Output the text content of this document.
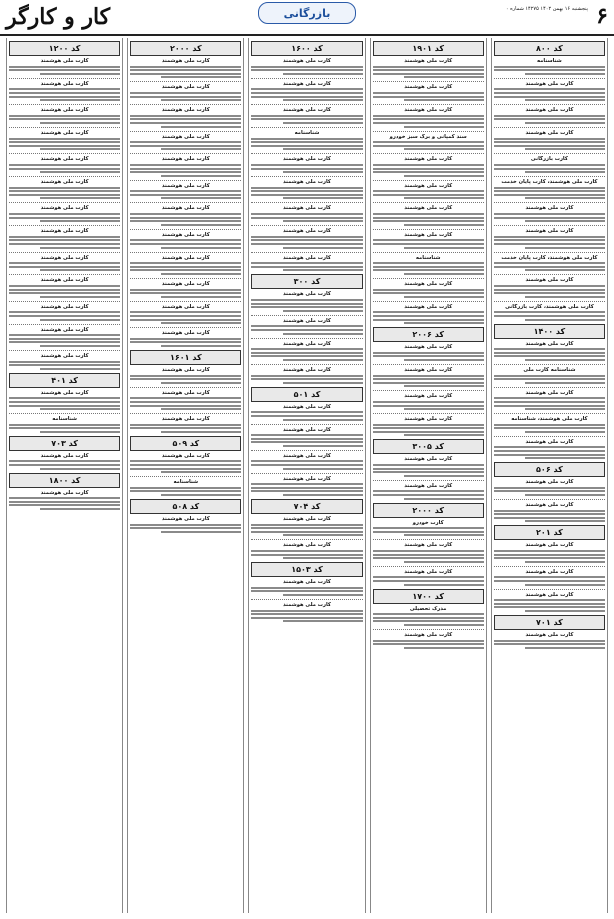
کار و کارگر	بازرگانی	پنجشنبه ۱۶ بهمن ۱۴۰۲ ۱۴۲۷۵ شماره ۰ ۶
کد ۸۰۰
شناسنامه
کارت ملی هوشمند
کارت ملی هوشمند
کارت ملی هوشمند
کارت بازرگانی
کارت ملی هوشمند، کارت پایان خدمت
کارت ملی هوشمند
کارت ملی هوشمند
کارت ملی هوشمند، کارت پایان خدمت
کارت ملی هوشمند
کارت ملی هوشمند، کارت بازرگانی
کد ۱۴۰۰
کارت ملی هوشمند
شناسنامه کارت ملی
کارت ملی هوشمند
کارت ملی هوشمند، شناسنامه
کارت ملی هوشمند
کد ۵۰۶
کارت ملی هوشمند
کارت ملی هوشمند
کد ۲۰۱
کارت ملی هوشمند
کارت ملی هوشمند
کارت ملی هوشمند
کد ۷۰۱
کارت ملی هوشمند
کد ۱۹۰۱
کارت ملی هوشمند
کارت ملی هوشمند
کارت ملی هوشمند
سند کمپانی و برگ سبز خودرو
کارت ملی هوشمند
کارت ملی هوشمند
کارت ملی هوشمند
کارت ملی هوشمند
شناسنامه
کارت ملی هوشمند
کارت ملی هوشمند
کد ۲۰۰۶
کارت ملی هوشمند
کارت ملی هوشمند
کارت ملی هوشمند
کارت ملی هوشمند
کد ۳۰۰۵
کارت ملی هوشمند
کارت ملی هوشمند
کد ۲۰۰۰
کارت خودرو
کارت ملی هوشمند
کارت ملی هوشمند
کد ۱۷۰۰
مدرک تحصیلی
کارت ملی هوشمند
کد ۱۶۰۰
کارت ملی هوشمند
کارت ملی هوشمند
کارت ملی هوشمند
شناسنامه
کارت ملی هوشمند
کارت ملی هوشمند
کارت ملی هوشمند
کارت ملی هوشمند
کارت ملی هوشمند
کد ۳۰۰
کارت ملی هوشمند
کارت ملی هوشمند
کارت ملی هوشمند
کارت ملی هوشمند
کد ۵۰۱
کارت ملی هوشمند
کارت ملی هوشمند
کارت ملی هوشمند
کارت ملی هوشمند
کد ۷۰۴
کارت ملی هوشمند
کارت ملی هوشمند
کد ۱۵۰۳
کارت ملی هوشمند
کارت ملی هوشمند
کد ۲۰۰۰
کارت ملی هوشمند
کارت ملی هوشمند
کارت ملی هوشمند
کارت ملی هوشمند
کارت ملی هوشمند
کارت ملی هوشمند
کارت ملی هوشمند
کارت ملی هوشمند
کارت ملی هوشمند
کارت ملی هوشمند
کارت ملی هوشمند
کارت ملی هوشمند
کد ۱۶۰۱
کارت ملی هوشمند
کارت ملی هوشمند
کارت ملی هوشمند
کد ۵۰۹
کارت ملی هوشمند
شناسنامه
کد ۵۰۸
کارت ملی هوشمند
کد ۱۲۰۰
کارت ملی هوشمند
کارت ملی هوشمند
کارت ملی هوشمند
کارت ملی هوشمند
کارت ملی هوشمند
کارت ملی هوشمند
کارت ملی هوشمند
کارت ملی هوشمند
کارت ملی هوشمند
کارت ملی هوشمند
کارت ملی هوشمند
کارت ملی هوشمند
کارت ملی هوشمند
کد ۴۰۱
کارت ملی هوشمند
شناسنامه
کد ۷۰۳
کارت ملی هوشمند
کد ۱۸۰۰
کارت ملی هوشمند
